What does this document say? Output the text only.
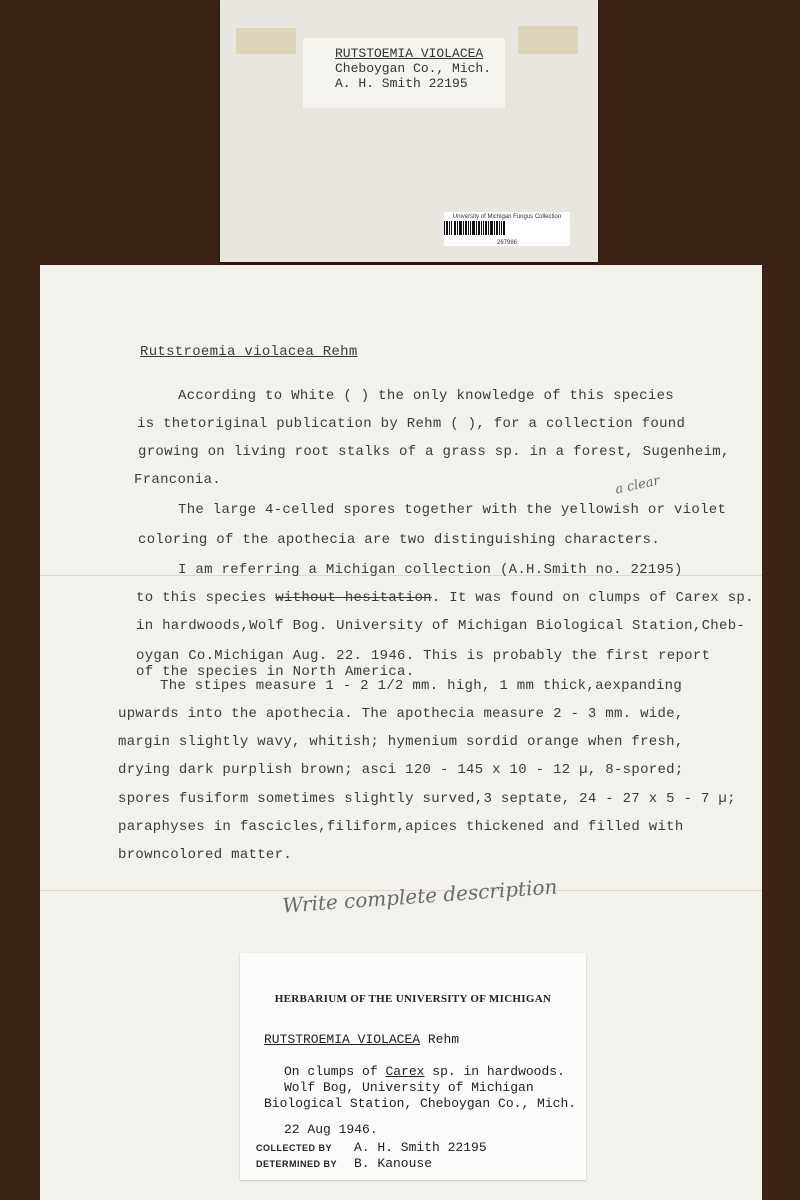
RUTSTOEMIA VIOLACEA
Cheboygan Co., Mich.
A. H. Smith 22195
University of Michigan Fungus Collection
267986
Rutstroemia violacea Rehm
According to White ( ) the only knowledge of this species
is thetoriginal publication by Rehm ( ), for a collection found
growing on living root stalks of a grass sp. in a forest, Sugenheim,
Franconia.
The large 4-celled spores together with the yellowish or violet
a clear
coloring of the apothecia are two distinguishing characters.
I am referring a Michigan collection (A.H.Smith no. 22195)
to this species without hesitation. It was found on clumps of Carex sp.
in hardwoods,Wolf Bog. University of Michigan Biological Station,Cheb-
oygan Co.Michigan Aug. 22. 1946. This is probably the first report
of the species in North America.
The stipes measure 1 - 2 1/2 mm. high, 1 mm thick,aexpanding
upwards into the apothecia. The apothecia measure 2 - 3 mm. wide,
margin slightly wavy, whitish; hymenium sordid orange when fresh,
drying dark purplish brown; asci 120 - 145 x 10 - 12 µ, 8-spored;
spores fusiform sometimes slightly surved,3 septate, 24 - 27 x 5 - 7 µ;
paraphyses in fascicles,filiform,apices thickened and filled with
browncolored matter.
Write complete description
HERBARIUM OF THE UNIVERSITY OF MICHIGAN
RUTSTROEMIA VIOLACEA Rehm
On clumps of Carex sp. in hardwoods.
Wolf Bog, University of Michigan
Biological Station, Cheboygan Co., Mich.
22 Aug 1946.
COLLECTED BY A. H. Smith 22195
DETERMINED BY B. Kanouse
